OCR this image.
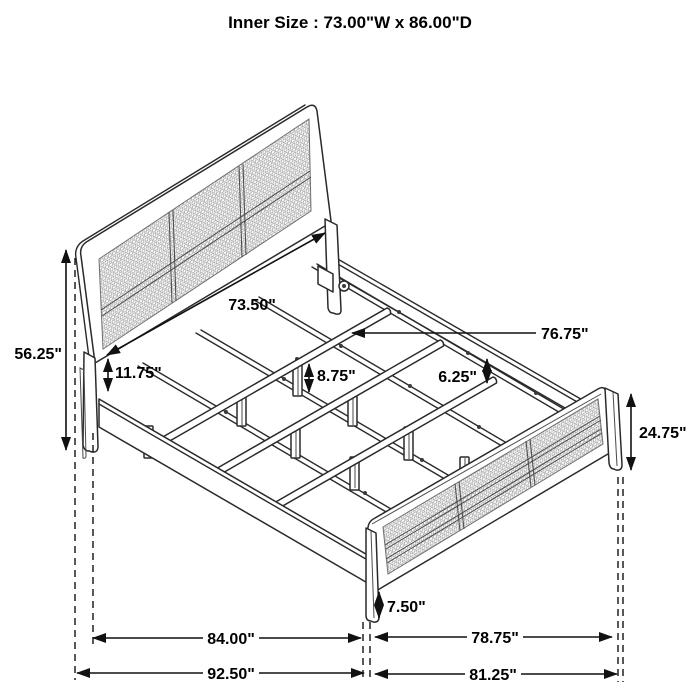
Inner Size : 73.00"W x 86.00"D
73.50"
76.75"
56.25"
11.75"	8.75"	6.25"
24.75"
7.50"
84.00"	78.75"
92.50"	81.25"
